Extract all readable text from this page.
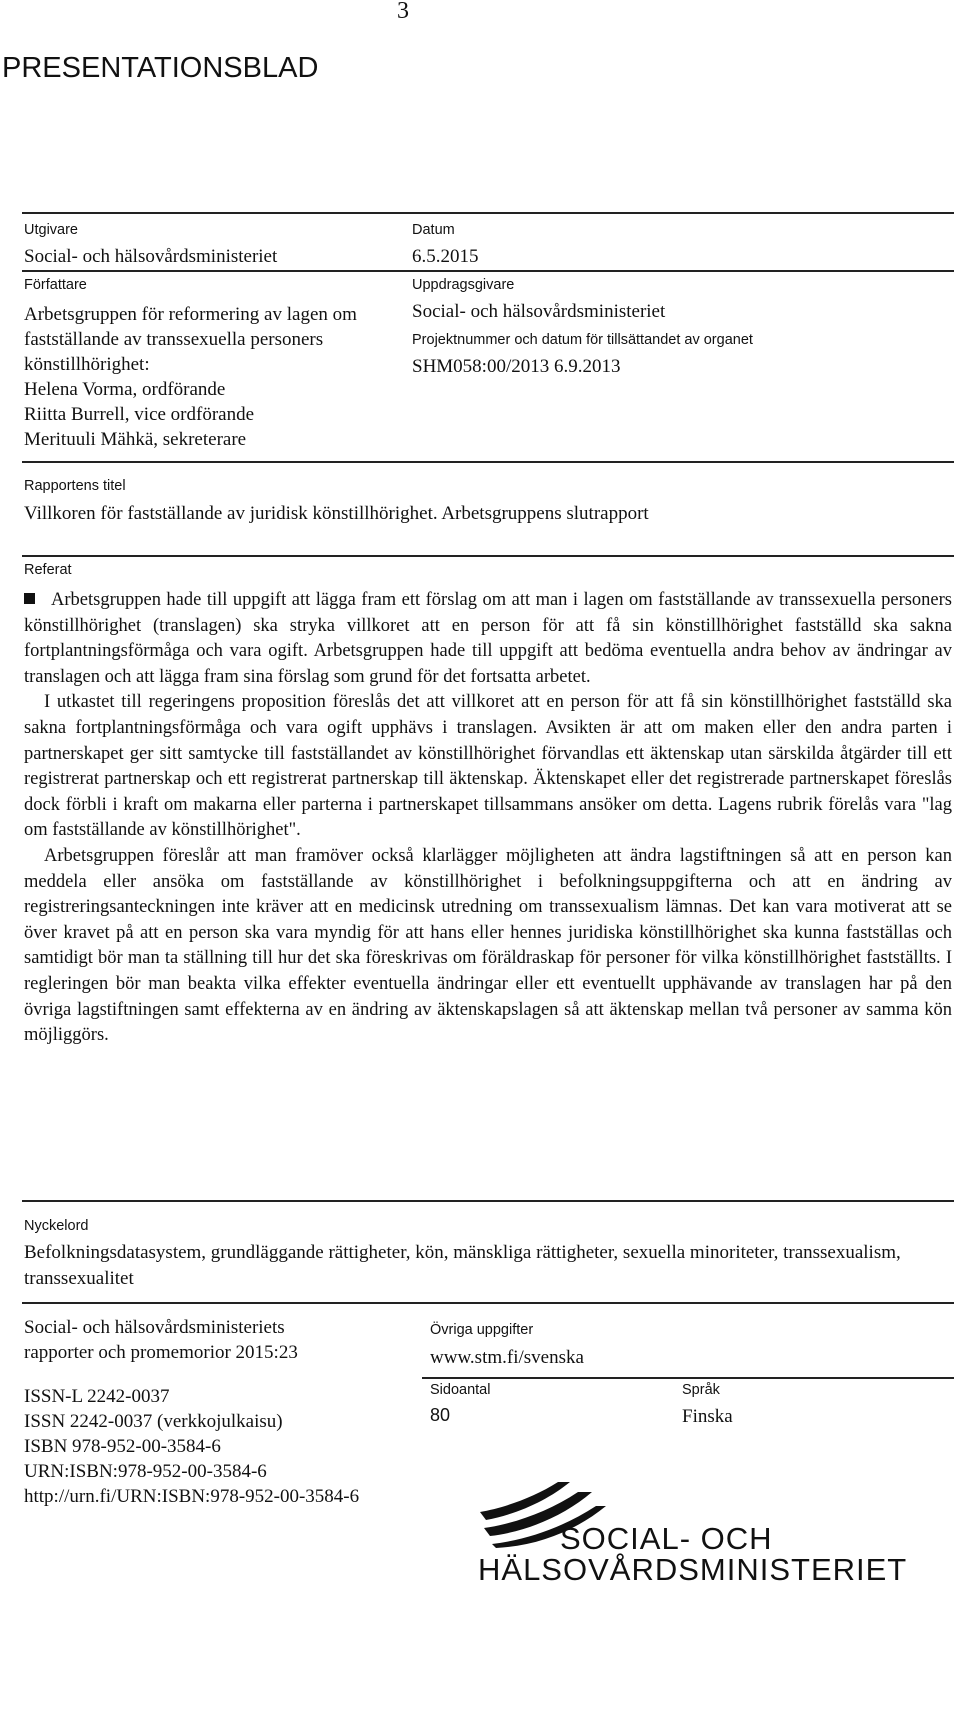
3
PRESENTATIONSBLAD
Utgivare
Social- och hälsovårdsministeriet
Datum
6.5.2015
Författare
Arbetsgruppen för reformering av lagen om
fastställande av transsexuella personers
könstillhörighet:
Helena Vorma, ordförande
Riitta Burrell, vice ordförande
Merituuli Mähkä, sekreterare
Uppdragsgivare
Social- och hälsovårdsministeriet
Projektnummer och datum för tillsättandet av organet
SHM058:00/2013 6.9.2013
Rapportens titel
Villkoren för fastställande av juridisk könstillhörighet. Arbetsgruppens slutrapport
Referat

Arbetsgruppen hade till uppgift att lägga fram ett förslag om att man i lagen om fastställande av transsexuella personers könstillhörighet (translagen) ska stryka villkoret att en person för att få sin könstillhörighet fastställd ska sakna fortplantningsförmåga och vara ogift. Arbetsgruppen hade till uppgift att bedöma eventuella andra behov av ändringar av translagen och att lägga fram sina förslag som grund för det fortsatta arbetet.

I utkastet till regeringens proposition föreslås det att villkoret att en person för att få sin könstillhörighet fastställd ska sakna fortplantningsförmåga och vara ogift upphävs i translagen. Avsikten är att om maken eller den andra parten i partnerskapet ger sitt samtycke till fastställandet av könstillhörighet förvandlas ett äktenskap utan särskilda åtgärder till ett registrerat partnerskap och ett registrerat partnerskap till äktenskap. Äktenskapet eller det registrerade partnerskapet föreslås dock förbli i kraft om makarna eller parterna i partnerskapet tillsammans ansöker om detta. Lagens rubrik förelås vara "lag om fastställande av könstillhörighet".

Arbetsgruppen föreslår att man framöver också klarlägger möjligheten att ändra lagstiftningen så att en person kan meddela eller ansöka om fastställande av könstillhörighet i befolkningsuppgifterna och att en ändring av registreringsanteckningen inte kräver att en medicinsk utredning om transsexualism lämnas. Det kan vara motiverat att se över kravet på att en person ska vara myndig för att hans eller hennes juridiska könstillhörighet ska kunna fastställas och samtidigt bör man ta ställning till hur det ska föreskrivas om föräldraskap för personer för vilka könstillhörighet fastställts. I regleringen bör man beakta vilka effekter eventuella ändringar eller ett eventuellt upphävande av translagen har på den övriga lagstiftningen samt effekterna av en ändring av äktenskapslagen så att äktenskap mellan två personer av samma kön möjliggörs.

Nyckelord
Befolkningsdatasystem, grundläggande rättigheter, kön, mänskliga rättigheter, sexuella minoriteter, transsexualism, transsexualitet
Social- och hälsovårdsministeriets
rapporter och promemorior 2015:23
ISSN-L 2242-0037
ISSN 2242-0037 (verkkojulkaisu)
ISBN 978-952-00-3584-6
URN:ISBN:978-952-00-3584-6
http://urn.fi/URN:ISBN:978-952-00-3584-6
Övriga uppgifter
www.stm.fi/svenska
Sidoantal
80
Språk
Finska
SOCIAL- OCH
HÄLSOVÅRDSMINISTERIET
